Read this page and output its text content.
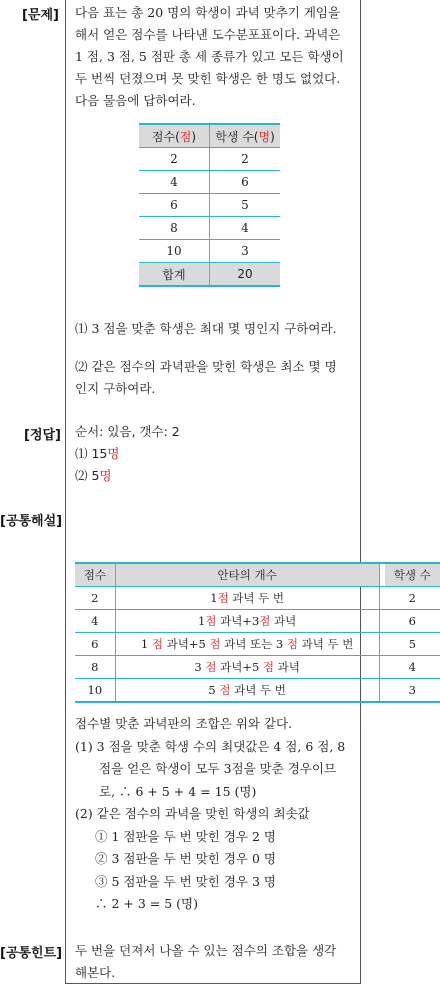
[문제]
[정답]
[공통해설]
[공통힌트]
다음 표는 총 20 명의 학생이 과녁 맞추기 게임을
해서 얻은 점수를 나타낸 도수분포표이다. 과녁은
1 점, 3 점, 5 점판 총 세 종류가 있고 모든 학생이
두 번씩 던졌으며 못 맞힌 학생은 한 명도 없었다.
다음 물음에 답하여라.
점수(점)	학생 수(명)
2	2
4	6
6	5
8	4
10	3
합계	20
⑴ 3 점을 맞춘 학생은 최대 몇 명인지 구하여라.
⑵ 같은 점수의 과녁판을 맞힌 학생은 최소 몇 명
인지 구하여라.
순서: 있음, 갯수: 2
⑴ 15명
⑵ 5명
점수	안타의 개수		학생 수
2	1점 과녁 두 번		2
4	1점 과녁+3점 과녁		6
6	1 점 과녁+5 점 과녁 또는 3 점 과녁 두 번		5
8	3 점 과녁+5 점 과녁		4
10	5 점 과녁 두 번		3
점수별 맞춘 과녁판의 조합은 위와 같다.
(1) 3 점을 맞춘 학생 수의 최댓값은 4 점, 6 점, 8
점을 얻은 학생이 모두 3점을 맞춘 경우이므
로, ∴ 6 + 5 + 4 = 15 (명)
(2) 같은 점수의 과녁을 맞힌 학생의 최솟값
① 1 점판을 두 번 맞힌 경우 2 명
② 3 점판을 두 번 맞힌 경우 0 명
③ 5 점판을 두 번 맞힌 경우 3 명
∴ 2 + 3 = 5 (명)
두 번을 던져서 나올 수 있는 점수의 조합을 생각
해본다.
